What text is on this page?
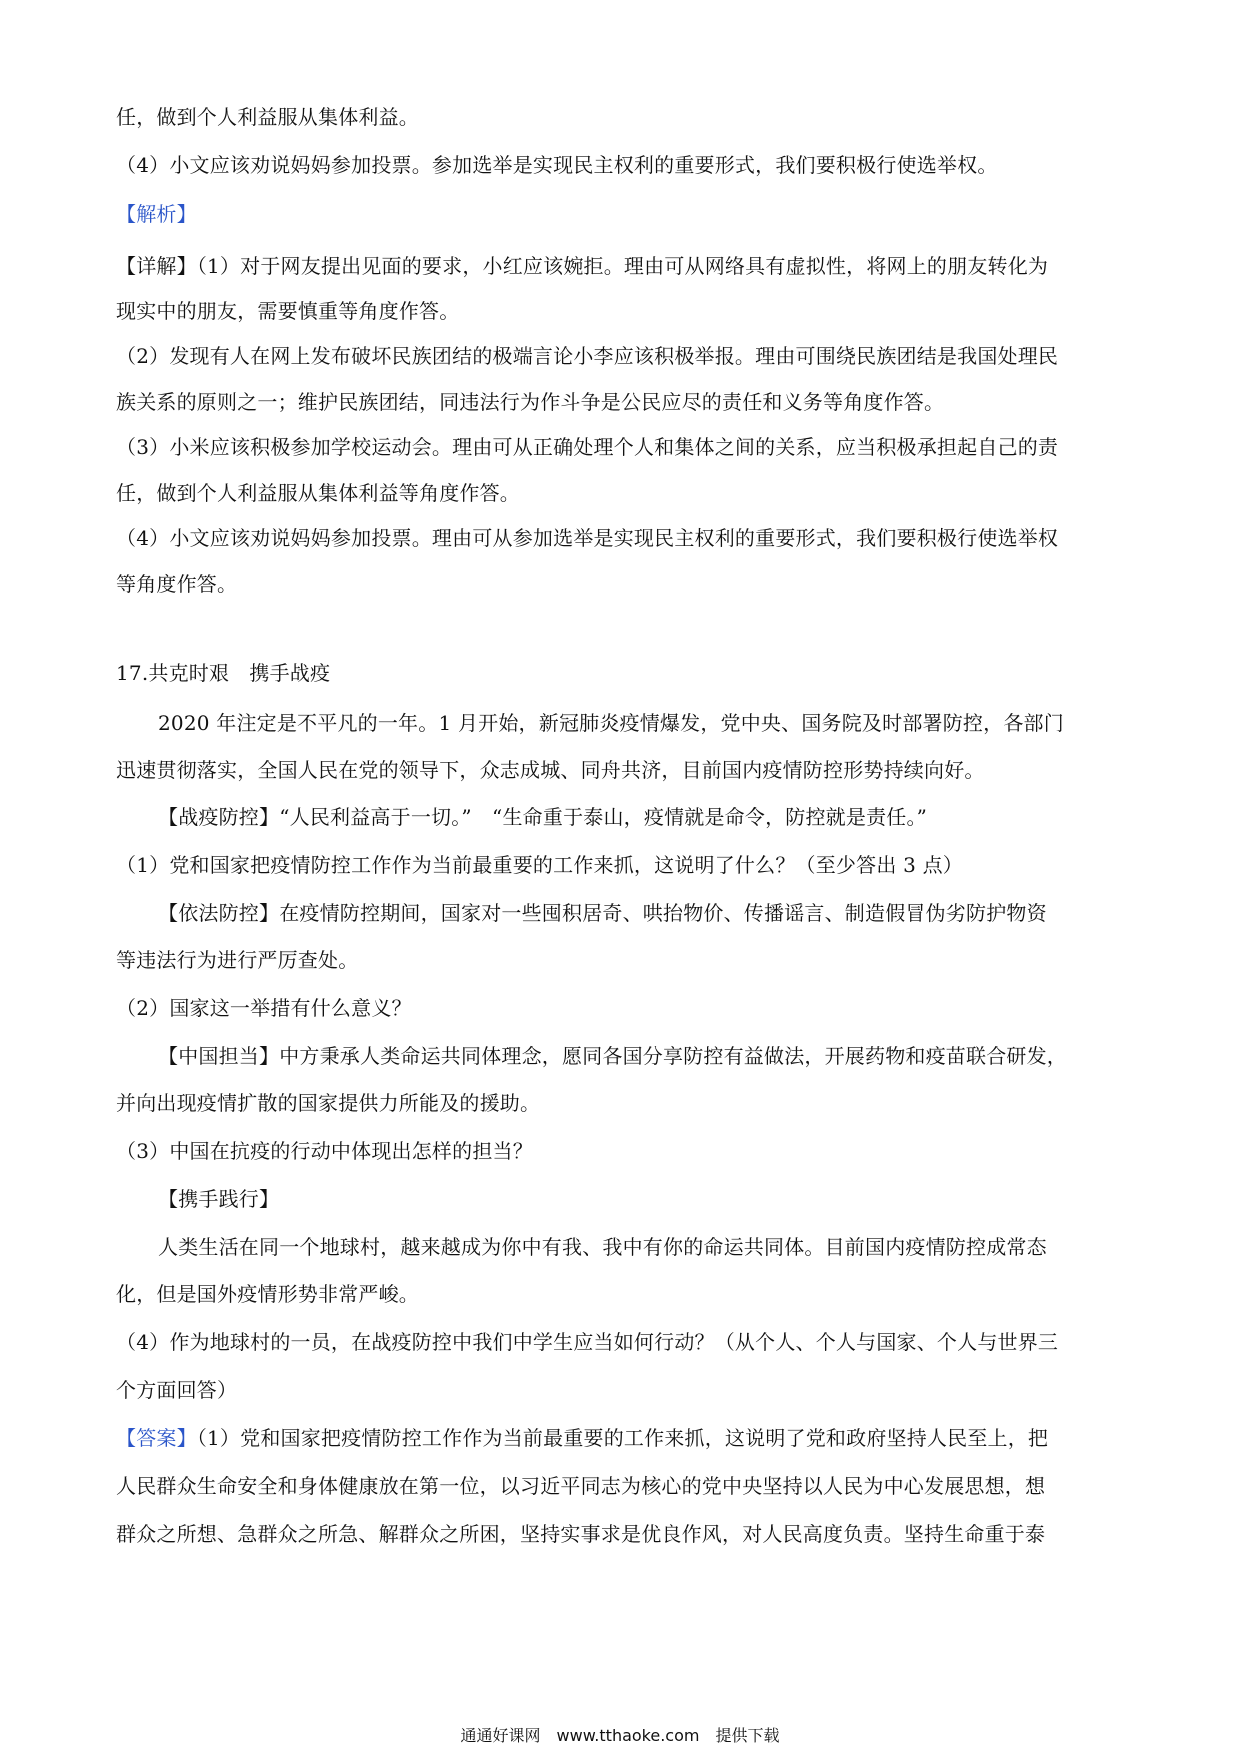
任，做到个人利益服从集体利益。
（4）小文应该劝说妈妈参加投票。参加选举是实现民主权利的重要形式，我们要积极行使选举权。
【解析】
【详解】（1）对于网友提出见面的要求，小红应该婉拒。理由可从网络具有虚拟性，将网上的朋友转化为
现实中的朋友，需要慎重等角度作答。
（2）发现有人在网上发布破坏民族团结的极端言论小李应该积极举报。理由可围绕民族团结是我国处理民
族关系的原则之一；维护民族团结，同违法行为作斗争是公民应尽的责任和义务等角度作答。
（3）小米应该积极参加学校运动会。理由可从正确处理个人和集体之间的关系，应当积极承担起自己的责
任，做到个人利益服从集体利益等角度作答。
（4）小文应该劝说妈妈参加投票。理由可从参加选举是实现民主权利的重要形式，我们要积极行使选举权
等角度作答。
17.共克时艰　携手战疫
2020 年注定是不平凡的一年。1 月开始，新冠肺炎疫情爆发，党中央、国务院及时部署防控，各部门
迅速贯彻落实，全国人民在党的领导下，众志成城、同舟共济，目前国内疫情防控形势持续向好。
【战疫防控】“人民利益高于一切。”　“生命重于泰山，疫情就是命令，防控就是责任。”
（1）党和国家把疫情防控工作作为当前最重要的工作来抓，这说明了什么？（至少答出 3 点）
【依法防控】在疫情防控期间，国家对一些囤积居奇、哄抬物价、传播谣言、制造假冒伪劣防护物资
等违法行为进行严厉查处。
（2）国家这一举措有什么意义？
【中国担当】中方秉承人类命运共同体理念，愿同各国分享防控有益做法，开展药物和疫苗联合研发，
并向出现疫情扩散的国家提供力所能及的援助。
（3）中国在抗疫的行动中体现出怎样的担当？
【携手践行】
人类生活在同一个地球村，越来越成为你中有我、我中有你的命运共同体。目前国内疫情防控成常态
化，但是国外疫情形势非常严峻。
（4）作为地球村的一员，在战疫防控中我们中学生应当如何行动？（从个人、个人与国家、个人与世界三
个方面回答）
【答案】（1）党和国家把疫情防控工作作为当前最重要的工作来抓，这说明了党和政府坚持人民至上，把
人民群众生命安全和身体健康放在第一位，以习近平同志为核心的党中央坚持以人民为中心发展思想，想
群众之所想、急群众之所急、解群众之所困，坚持实事求是优良作风，对人民高度负责。坚持生命重于泰
通通好课网　www.tthaoke.com　提供下载
